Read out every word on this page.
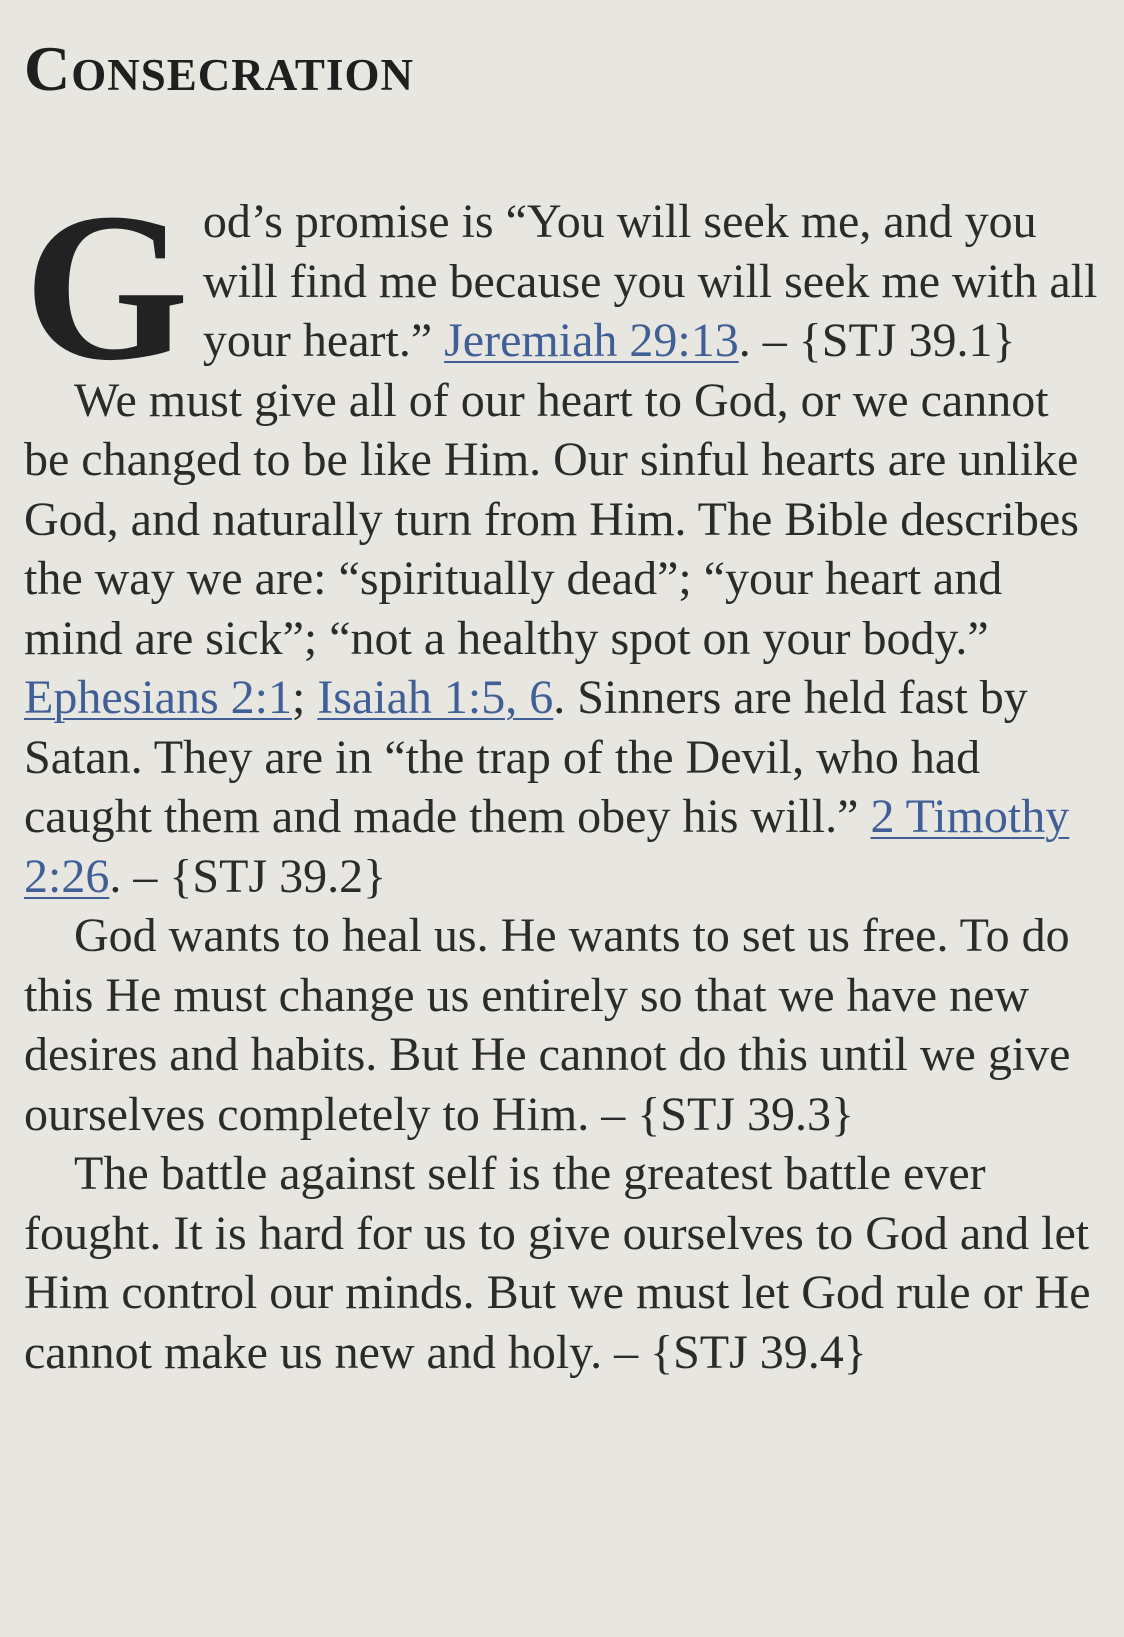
Consecration

God’s promise is “You will seek me, and you will find me because you will seek me with all your heart.” Jeremiah 29:13. – {STJ 39.1}

We must give all of our heart to God, or we cannot be changed to be like Him. Our sinful hearts are unlike God, and naturally turn from Him. The Bible describes the way we are: “spiritually dead”; “your heart and mind are sick”; “not a healthy spot on your body.” Ephesians 2:1; Isaiah 1:5, 6. Sinners are held fast by Satan. They are in “the trap of the Devil, who had caught them and made them obey his will.” 2 Timothy 2:26. – {STJ 39.2}

God wants to heal us. He wants to set us free. To do this He must change us entirely so that we have new desires and habits. But He cannot do this until we give ourselves completely to Him. – {STJ 39.3}

The battle against self is the greatest battle ever fought. It is hard for us to give ourselves to God and let Him control our minds. But we must let God rule or He cannot make us new and holy. – {STJ 39.4}
